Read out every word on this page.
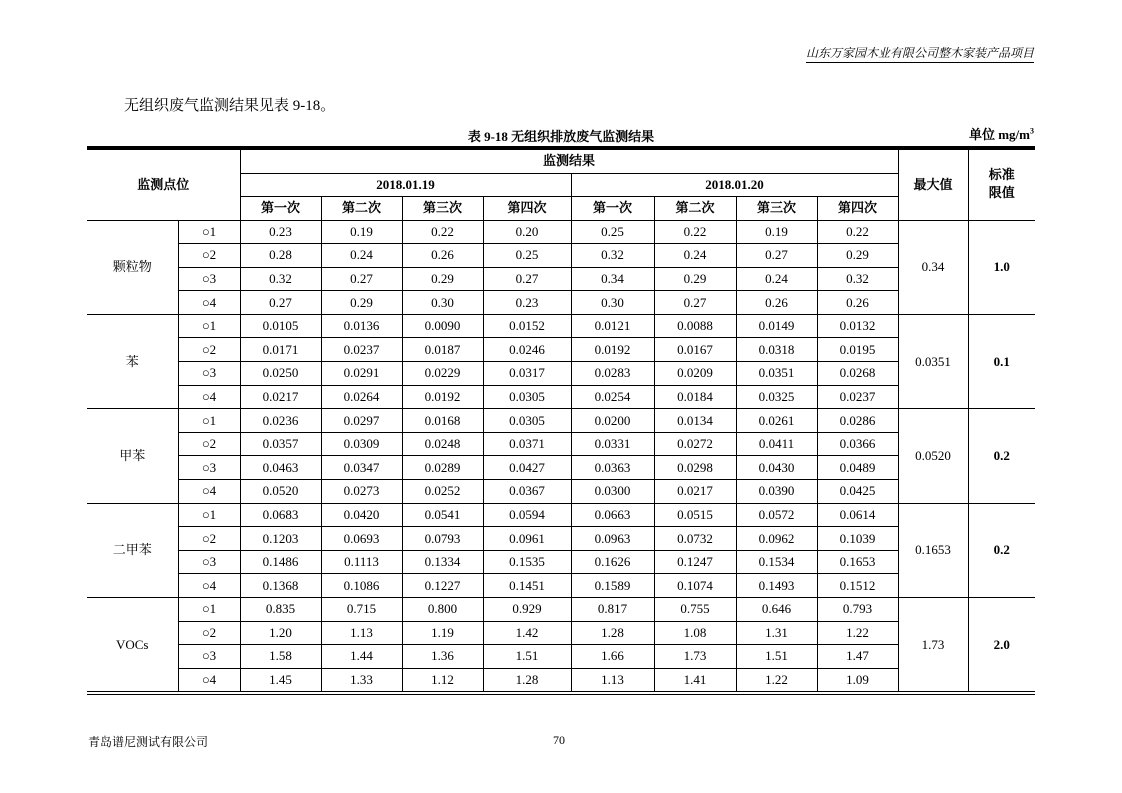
山东万家园木业有限公司整木家装产品项目
无组织废气监测结果见表 9-18。
表 9-18 无组织排放废气监测结果	单位 $mg/m^3$
监测点位		监测结果								最大值	标准限值
		2018.01.19				2018.01.20					
		第一次	第二次	第三次	第四次	第一次	第二次	第三次	第四次		
颗粒物	○1	0.23	0.19	0.22	0.20	0.25	0.22	0.19	0.22	0.34	1.0
	○2	0.28	0.24	0.26	0.25	0.32	0.24	0.27	0.29		
	○3	0.32	0.27	0.29	0.27	0.34	0.29	0.24	0.32		
	○4	0.27	0.29	0.30	0.23	0.30	0.27	0.26	0.26		
苯	○1	0.0105	0.0136	0.0090	0.0152	0.0121	0.0088	0.0149	0.0132	0.0351	0.1
	○2	0.0171	0.0237	0.0187	0.0246	0.0192	0.0167	0.0318	0.0195		
	○3	0.0250	0.0291	0.0229	0.0317	0.0283	0.0209	0.0351	0.0268		
	○4	0.0217	0.0264	0.0192	0.0305	0.0254	0.0184	0.0325	0.0237		
甲苯	○1	0.0236	0.0297	0.0168	0.0305	0.0200	0.0134	0.0261	0.0286	0.0520	0.2
	○2	0.0357	0.0309	0.0248	0.0371	0.0331	0.0272	0.0411	0.0366		
	○3	0.0463	0.0347	0.0289	0.0427	0.0363	0.0298	0.0430	0.0489		
	○4	0.0520	0.0273	0.0252	0.0367	0.0300	0.0217	0.0390	0.0425		
二甲苯	○1	0.0683	0.0420	0.0541	0.0594	0.0663	0.0515	0.0572	0.0614	0.1653	0.2
	○2	0.1203	0.0693	0.0793	0.0961	0.0963	0.0732	0.0962	0.1039		
	○3	0.1486	0.1113	0.1334	0.1535	0.1626	0.1247	0.1534	0.1653		
	○4	0.1368	0.1086	0.1227	0.1451	0.1589	0.1074	0.1493	0.1512		
VOCs	○1	0.835	0.715	0.800	0.929	0.817	0.755	0.646	0.793	1.73	2.0
	○2	1.20	1.13	1.19	1.42	1.28	1.08	1.31	1.22		
	○3	1.58	1.44	1.36	1.51	1.66	1.73	1.51	1.47		
	○4	1.45	1.33	1.12	1.28	1.13	1.41	1.22	1.09		
青岛谱尼测试有限公司	70
